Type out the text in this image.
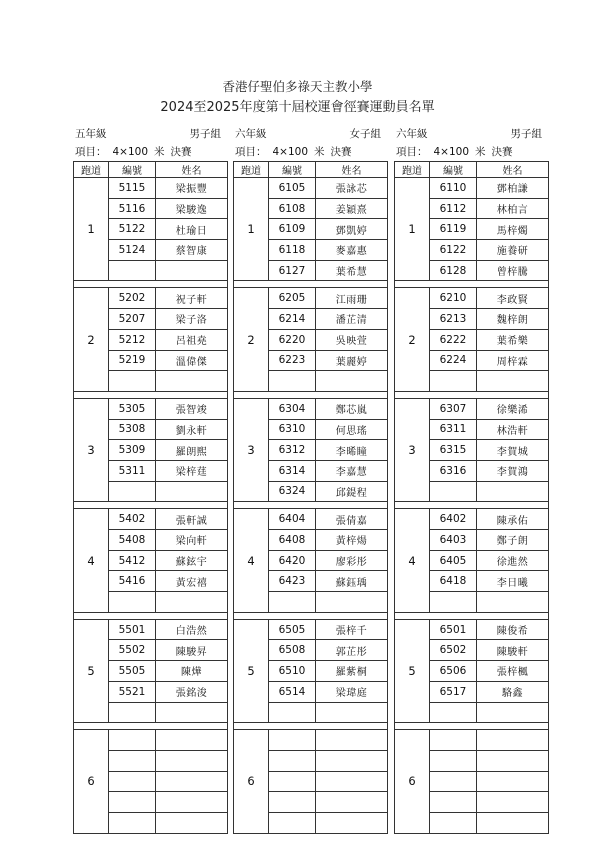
香港仔聖伯多祿天主教小學
2024至2025年度第十屆校運會徑賽運動員名單
五年級	男子組
項目： 4×100 米 決賽
跑道	編號	姓名
1	5115	梁振豐
	5116	梁駿逸
	5122	杜瑜日
	5124	蔡智康

2	5202	祝子軒
	5207	梁子洛
	5212	呂祖堯
	5219	溫偉傑

3	5305	張智竣
	5308	劉永軒
	5309	羅朗熙
	5311	梁梓莛

4	5402	張軒誠
	5408	梁向軒
	5412	蘇鉉宇
	5416	黃宏禧

5	5501	白浩然
	5502	陳駿昇
	5505	陳燁
	5521	張銘浚

6		

六年級	女子組
項目： 4×100 米 決賽
跑道	編號	姓名
1	6105	張詠芯
	6108	姜穎熹
	6109	鄧凱婷
	6118	麥嘉惠
	6127	葉希慧

2	6205	江雨珊
	6214	潘芷清
	6220	吳映萱
	6223	葉麗婷

3	6304	鄭芯嵐
	6310	何思瑤
	6312	李晞瞳
	6314	李嘉慧
	6324	邱鍉程

4	6404	張倩嘉
	6408	黃梓煬
	6420	廖彩彤
	6423	蘇鈺瑀

5	6505	張梓千
	6508	郭芷彤
	6510	羅紫桐
	6514	梁瑋庭

6		

六年級	男子組
項目： 4×100 米 決賽
跑道	編號	姓名
1	6110	鄧柏謙
	6112	林柏言
	6119	馬梓燭
	6122	施養研
	6128	曾梓騰

2	6210	李政賢
	6213	魏梓朗
	6222	葉希樂
	6224	周梓霖

3	6307	徐樂浠
	6311	林浩軒
	6315	李賀城
	6316	李賀鴻

4	6402	陳承佑
	6403	鄭子朗
	6405	徐進然
	6418	李日曦

5	6501	陳俊希
	6502	陳駿軒
	6506	張梓楓
	6517	駱鑫

6		
